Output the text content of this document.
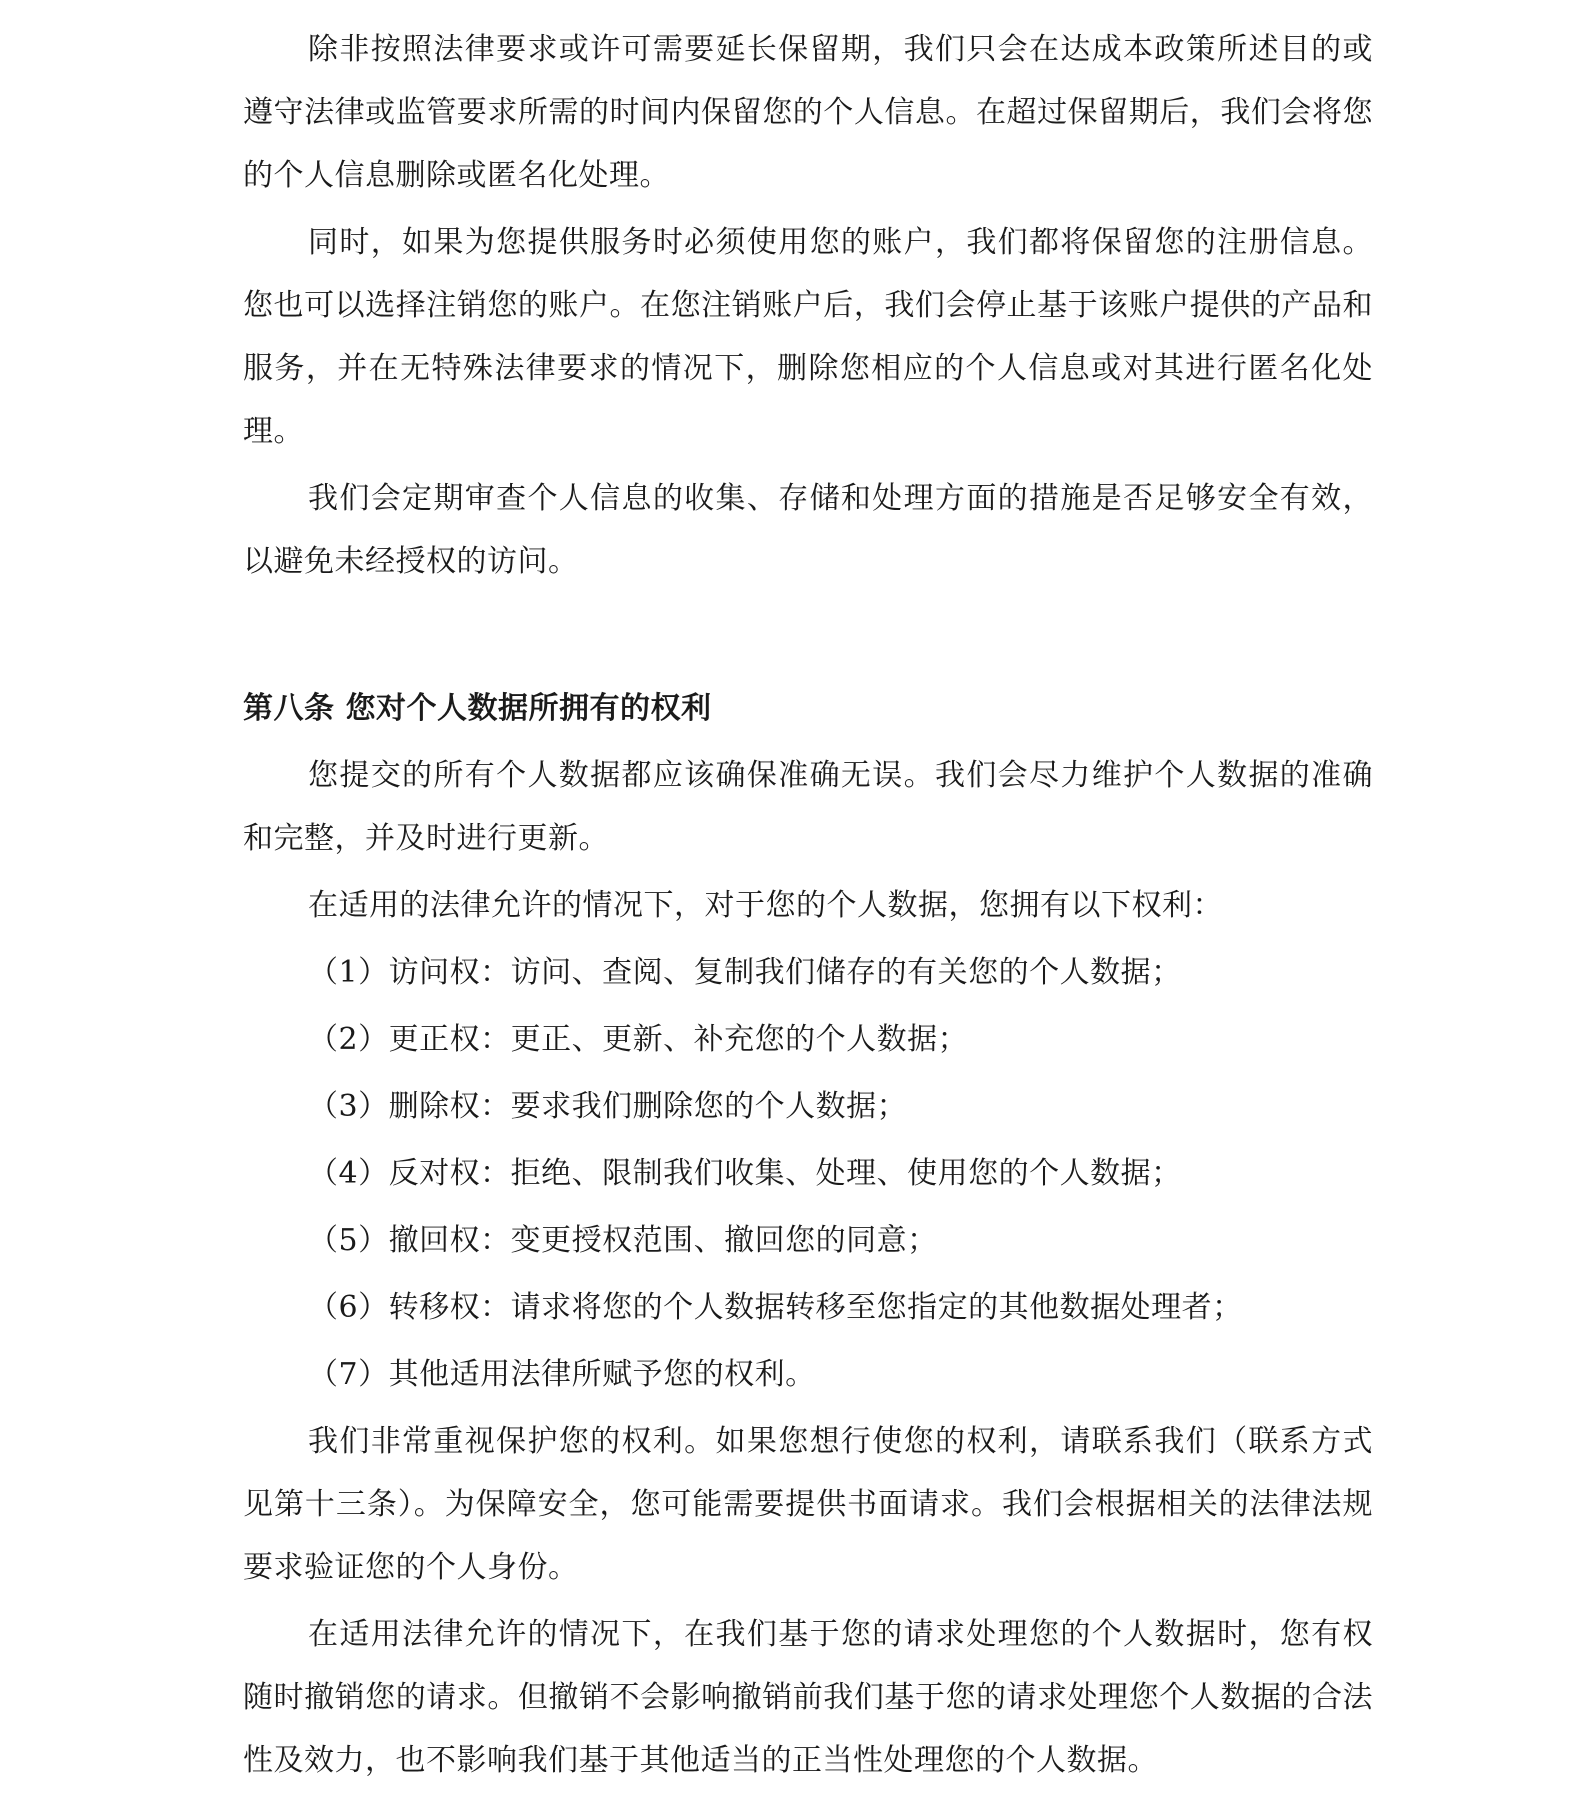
除非按照法律要求或许可需要延长保留期，我们只会在达成本政策所述目的或遵守法律或监管要求所需的时间内保留您的个人信息。在超过保留期后，我们会将您的个人信息删除或匿名化处理。

同时，如果为您提供服务时必须使用您的账户，我们都将保留您的注册信息。您也可以选择注销您的账户。在您注销账户后，我们会停止基于该账户提供的产品和服务，并在无特殊法律要求的情况下，删除您相应的个人信息或对其进行匿名化处理。

我们会定期审查个人信息的收集、存储和处理方面的措施是否足够安全有效，以避免未经授权的访问。

第八条 您对个人数据所拥有的权利

您提交的所有个人数据都应该确保准确无误。我们会尽力维护个人数据的准确和完整，并及时进行更新。

在适用的法律允许的情况下，对于您的个人数据，您拥有以下权利：

（1）访问权：访问、查阅、复制我们储存的有关您的个人数据；

（2）更正权：更正、更新、补充您的个人数据；

（3）删除权：要求我们删除您的个人数据；

（4）反对权：拒绝、限制我们收集、处理、使用您的个人数据；

（5）撤回权：变更授权范围、撤回您的同意；

（6）转移权：请求将您的个人数据转移至您指定的其他数据处理者；

（7）其他适用法律所赋予您的权利。

我们非常重视保护您的权利。如果您想行使您的权利，请联系我们（联系方式见第十三条）。为保障安全，您可能需要提供书面请求。我们会根据相关的法律法规要求验证您的个人身份。

在适用法律允许的情况下，在我们基于您的请求处理您的个人数据时，您有权随时撤销您的请求。但撤销不会影响撤销前我们基于您的请求处理您个人数据的合法性及效力，也不影响我们基于其他适当的正当性处理您的个人数据。
